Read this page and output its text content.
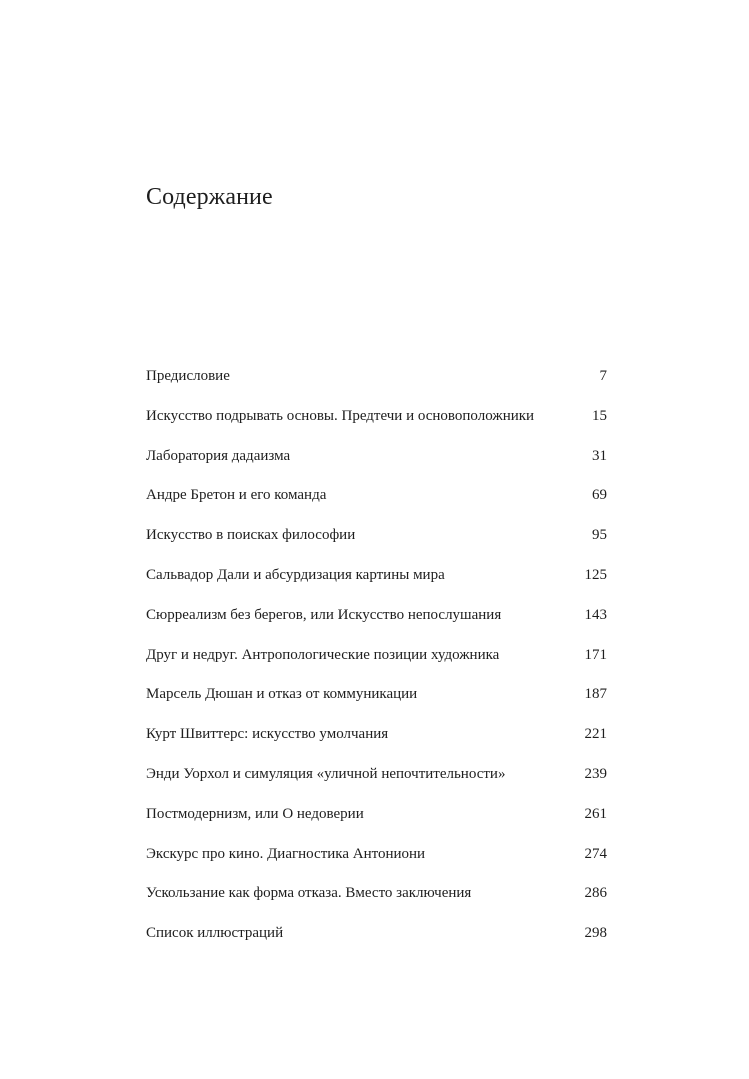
Содержание
Предисловие	7
Искусство подрывать основы. Предтечи и основоположники	15
Лаборатория дадаизма	31
Андре Бретон и его команда	69
Искусство в поисках философии	95
Сальвадор Дали и абсурдизация картины мира	125
Сюрреализм без берегов, или Искусство непослушания	143
Друг и недруг. Антропологические позиции художника	171
Марсель Дюшан и отказ от коммуникации	187
Курт Швиттерс: искусство умолчания	221
Энди Уорхол и симуляция «уличной непочтительности»	239
Постмодернизм, или О недоверии	261
Экскурс про кино. Диагностика Антониони	274
Ускользание как форма отказа. Вместо заключения	286
Список иллюстраций	298
